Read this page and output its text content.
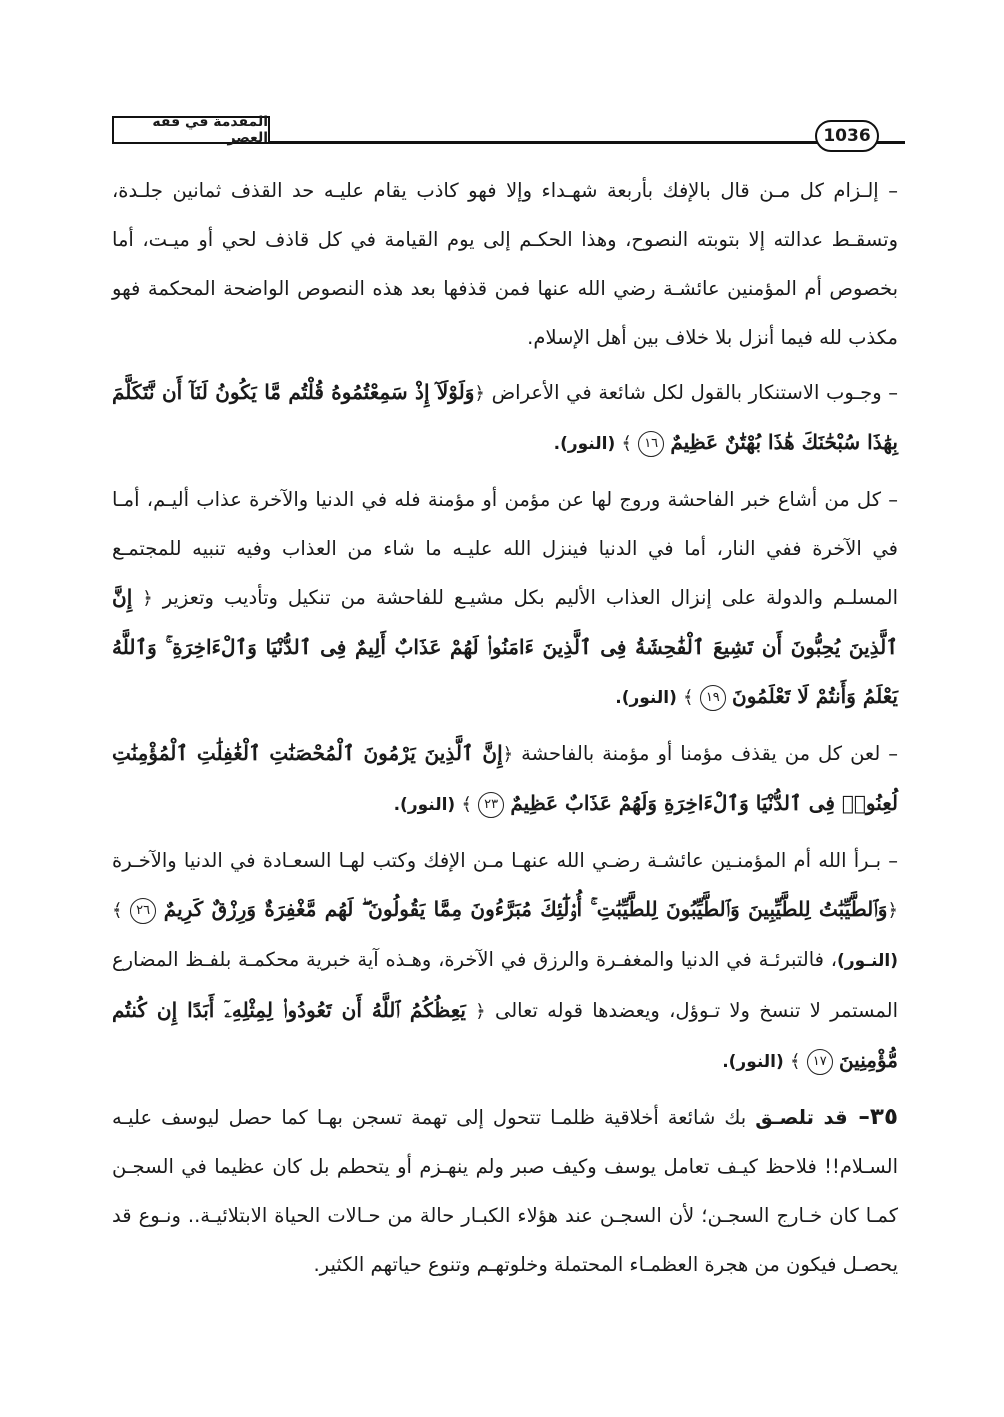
المقدمة في فقه العصر	1036

– إلـزام كل مـن قال بالإفك بأربعة شهـداء وإلا فهو كاذب يقام عليـه حد القذف ثمانين جلـدة، وتسقـط عدالته إلا بتوبته النصوح، وهذا الحكـم إلى يوم القيامة في كل قاذف لحي أو ميـت، أما بخصوص أم المؤمنين عائشـة رضي الله عنها فمن قذفها بعد هذه النصوص الواضحة المحكمة فهو مكذب لله فيما أنزل بلا خلاف بين أهل الإسلام.

– وجـوب الاستنكار بالقول لكل شائعة في الأعراض ﴿وَلَوْلَآ إِذْ سَمِعْتُمُوهُ قُلْتُم مَّا يَكُونُ لَنَآ أَن نَّتَكَلَّمَ بِهَٰذَا سُبْحَٰنَكَ هَٰذَا بُهْتَٰنٌ عَظِيمٌ ١٦ ﴾ (النور).

– كل من أشاع خبر الفاحشة وروج لها عن مؤمن أو مؤمنة فله في الدنيا والآخرة عذاب أليـم، أمـا في الآخرة ففي النار، أما في الدنيا فينزل الله عليـه ما شاء من العذاب وفيه تنبيه للمجتمـع المسلـم والدولة على إنزال العذاب الأليم بكل مشيـع للفاحشة من تنكيل وتأديب وتعزير ﴿ إِنَّ ٱلَّذِينَ يُحِبُّونَ أَن تَشِيعَ ٱلْفَٰحِشَةُ فِى ٱلَّذِينَ ءَامَنُوا۟ لَهُمْ عَذَابٌ أَلِيمٌ فِى ٱلدُّنْيَا وَٱلْءَاخِرَةِ ۚ وَٱللَّهُ يَعْلَمُ وَأَنتُمْ لَا تَعْلَمُونَ ١٩ ﴾ (النور).

– لعن كل من يقذف مؤمنا أو مؤمنة بالفاحشة ﴿إِنَّ ٱلَّذِينَ يَرْمُونَ ٱلْمُحْصَنَٰتِ ٱلْغَٰفِلَٰتِ ٱلْمُؤْمِنَٰتِ لُعِنُوا۟ فِى ٱلدُّنْيَا وَٱلْءَاخِرَةِ وَلَهُمْ عَذَابٌ عَظِيمٌ ٢٣ ﴾ (النور).

– بـرأ الله أم المؤمنـين عائشـة رضـي الله عنهـا مـن الإفك وكتب لهـا السعـادة في الدنيا والآخـرة ﴿وَٱلطَّيِّبَٰتُ لِلطَّيِّبِينَ وَٱلطَّيِّبُونَ لِلطَّيِّبَٰتِ ۚ أُو۟لَٰٓئِكَ مُبَرَّءُونَ مِمَّا يَقُولُونَ ۖ لَهُم مَّغْفِرَةٌ وَرِزْقٌ كَرِيمٌ ٢٦ ﴾ (النـور)، فالتبرئـة في الدنيا والمغفـرة والرزق في الآخرة، وهـذه آية خبرية محكمـة بلفـظ المضارع المستمر لا تنسخ ولا تـوؤل، ويعضدها قوله تعالى ﴿ يَعِظُكُمُ ٱللَّهُ أَن تَعُودُوا۟ لِمِثْلِهِۦٓ أَبَدًا إِن كُنتُم مُّؤْمِنِينَ ١٧ ﴾ (النور).

٣٥– قد تلصـق بك شائعة أخلاقية ظلمـا تتحول إلى تهمة تسجن بهـا كما حصل ليوسف عليـه السـلام!! فلاحظ كيـف تعامل يوسف وكيف صبر ولم ينهـزم أو يتحطم بل كان عظيما في السجـن كمـا كان خـارج السجـن؛ لأن السجـن عند هؤلاء الكبـار حالة من حـالات الحياة الابتلائيـة.. ونـوع قد يحصـل فيكون من هجرة العظمـاء المحتملة وخلوتهـم وتنوع حياتهم الكثير.
